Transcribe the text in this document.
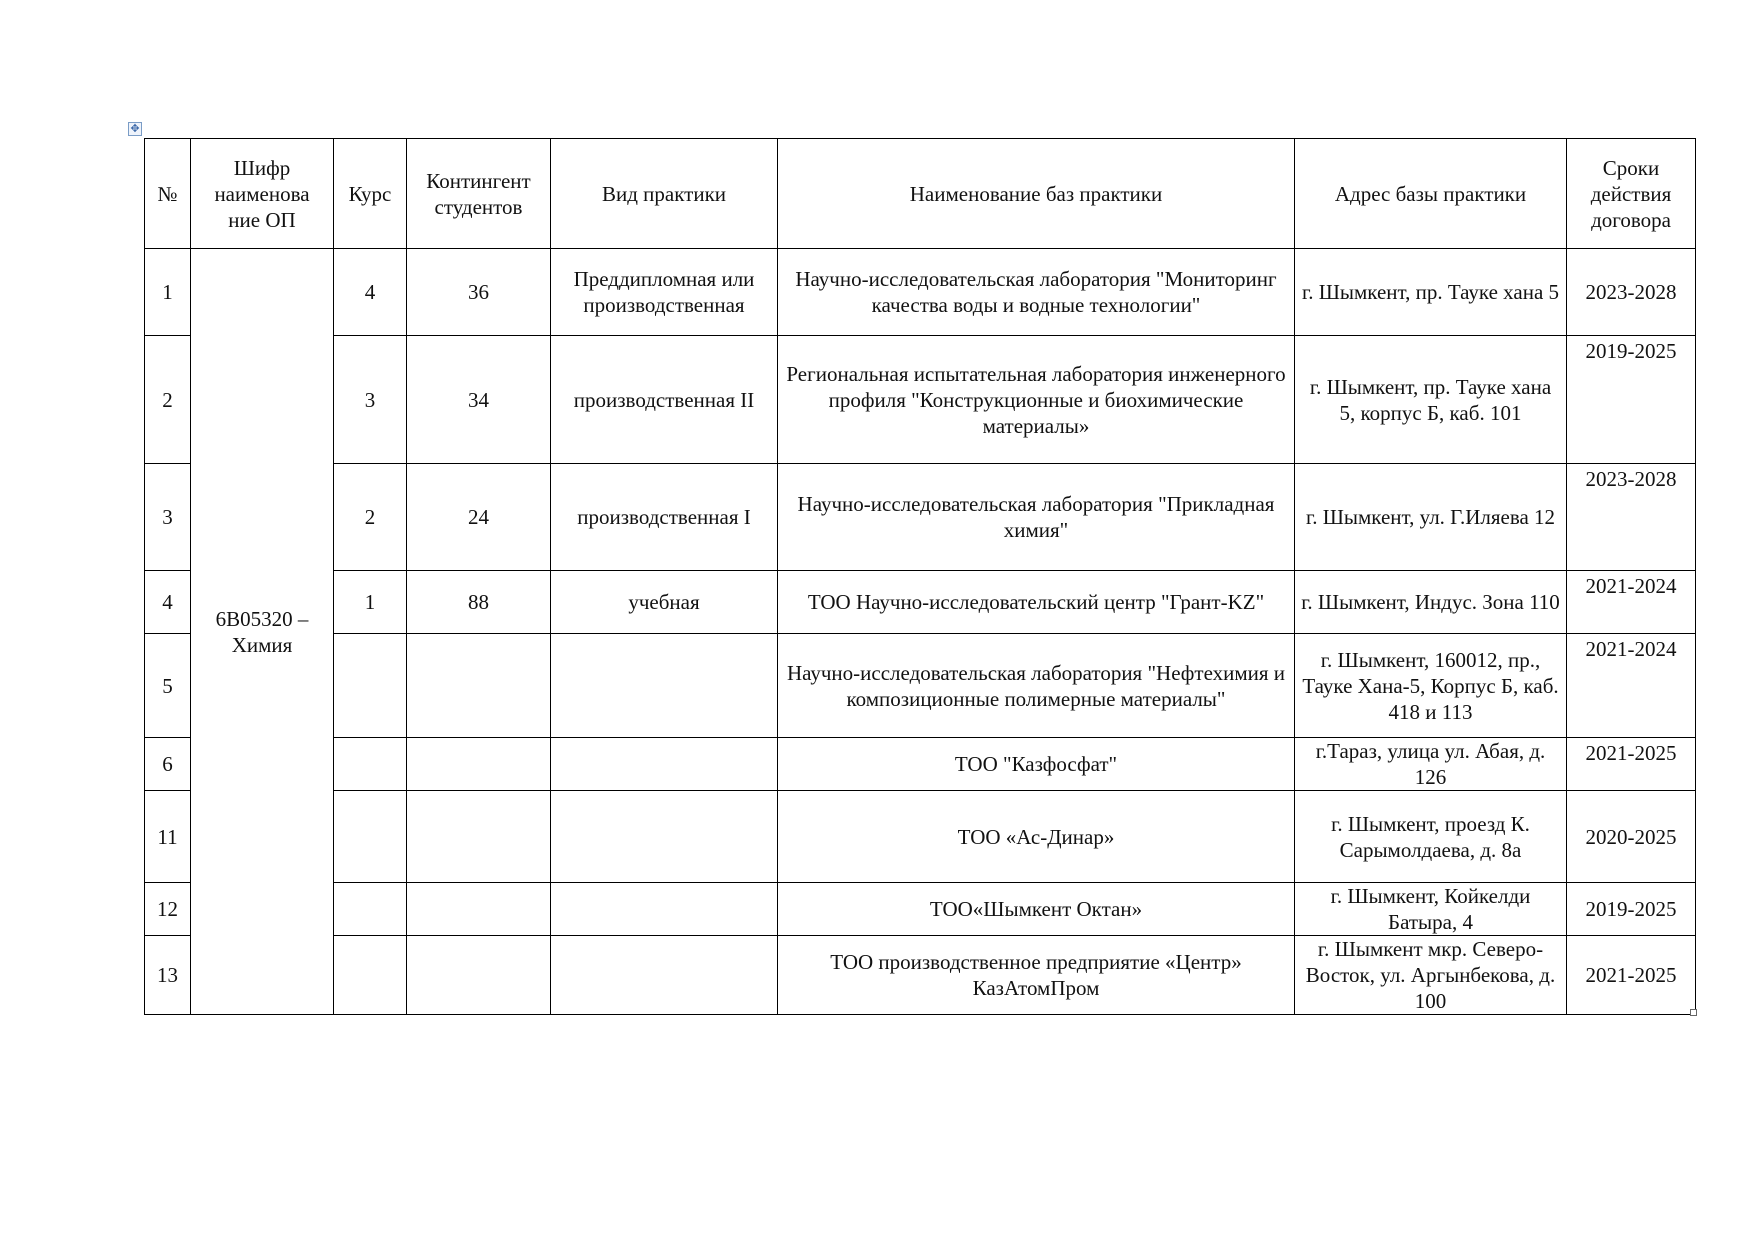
✥
№	Шифр наименова ние ОП	Курс	Контингент студентов	Вид практики	Наименование баз практики	Адрес базы практики	Сроки действия договора
1	6В05320 – Химия	4	36	Преддипломная или производственная	Научно-исследовательская лаборатория "Мониторинг качества воды и водные технологии"	г. Шымкент, пр. Тауке хана 5	2023-2028
2		3	34	производственная II	Региональная испытательная лаборатория инженерного профиля "Конструкционные и биохимические материалы»	г. Шымкент, пр. Тауке хана 5, корпус Б, каб. 101	2019-2025
3		2	24	производственная I	Научно-исследовательская лаборатория "Прикладная химия"	г. Шымкент, ул. Г.Иляева 12	2023-2028
4		1	88	учебная	ТОО Научно-исследовательский центр "Грант-KZ"	г. Шымкент, Индус. Зона 110	2021-2024
5					Научно-исследовательская лаборатория "Нефтехимия и композиционные полимерные материалы"	г. Шымкент, 160012, пр., Тауке Хана-5, Корпус Б, каб. 418 и 113	2021-2024
6					ТОО "Казфосфат"	г.Тараз, улица ул. Абая, д. 126	2021-2025
11					ТОО «Ас-Динар»	г. Шымкент, проезд К. Сарымолдаева, д. 8а	2020-2025
12					ТОО«Шымкент Октан»	г. Шымкент, Койкелди Батыра, 4	2019-2025
13					ТОО производственное предприятие «Центр» КазАтомПром	г. Шымкент мкр. Северо-Восток, ул. Аргынбекова, д. 100	2021-2025
